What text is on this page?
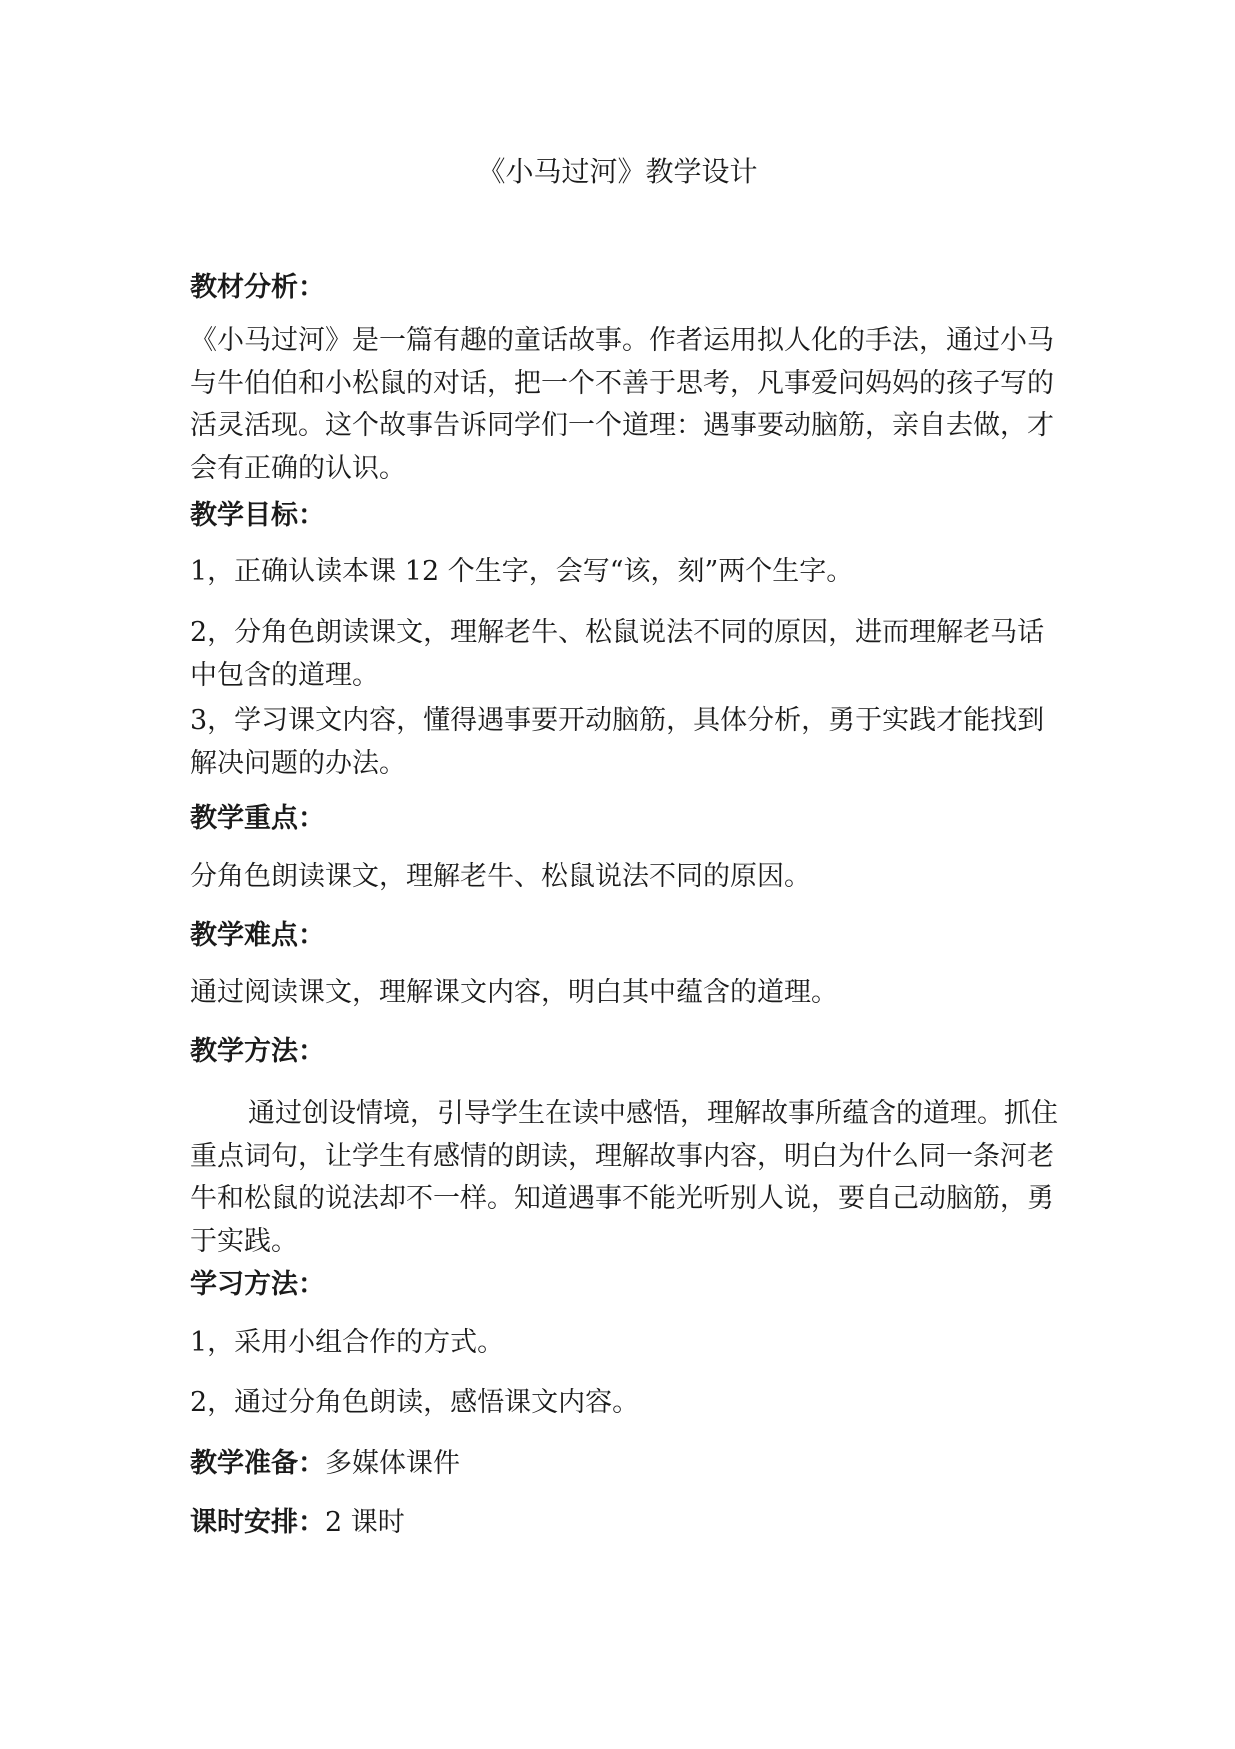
《小马过河》教学设计
教材分析：
《小马过河》是一篇有趣的童话故事。作者运用拟人化的手法，通过小马与牛伯伯和小松鼠的对话，把一个不善于思考，凡事爱问妈妈的孩子写的活灵活现。这个故事告诉同学们一个道理：遇事要动脑筋，亲自去做，才会有正确的认识。
教学目标：
1，正确认读本课 12 个生字，会写“该，刻”两个生字。
2，分角色朗读课文，理解老牛、松鼠说法不同的原因，进而理解老马话中包含的道理。
3，学习课文内容，懂得遇事要开动脑筋，具体分析，勇于实践才能找到解决问题的办法。
教学重点：
分角色朗读课文，理解老牛、松鼠说法不同的原因。
教学难点：
通过阅读课文，理解课文内容，明白其中蕴含的道理。
教学方法：
通过创设情境，引导学生在读中感悟，理解故事所蕴含的道理。抓住重点词句，让学生有感情的朗读，理解故事内容，明白为什么同一条河老牛和松鼠的说法却不一样。知道遇事不能光听别人说，要自己动脑筋，勇于实践。
学习方法：
1，采用小组合作的方式。
2，通过分角色朗读，感悟课文内容。
教学准备：多媒体课件
课时安排：2 课时
